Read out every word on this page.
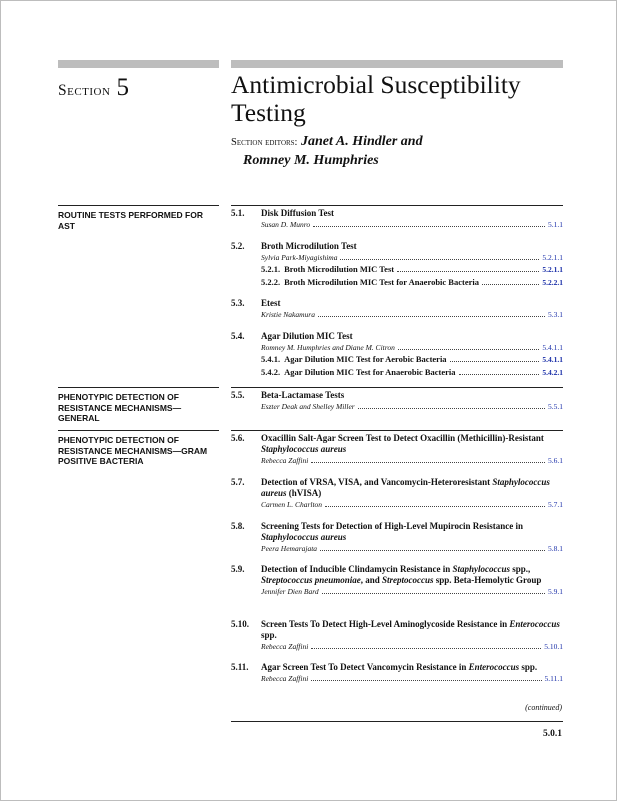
Section 5	Antimicrobial Susceptibility Testing
Section editors: Janet A. Hindler and
Romney M. Humphries
ROUTINE TESTS PERFORMED FOR AST
PHENOTYPIC DETECTION OF RESISTANCE MECHANISMS—GENERAL
PHENOTYPIC DETECTION OF RESISTANCE MECHANISMS—GRAM POSITIVE BACTERIA
5.1.	Disk Diffusion Test
Susan D. Munro	5.1.1
5.2.	Broth Microdilution Test
Sylvia Park-Miyagishima	5.2.1.1
5.2.1. Broth Microdilution MIC Test	5.2.1.1
5.2.2. Broth Microdilution MIC Test for Anaerobic Bacteria	5.2.2.1
5.3.	Etest
Kristie Nakamura	5.3.1
5.4.	Agar Dilution MIC Test
Romney M. Humphries and Diane M. Citron	5.4.1.1
5.4.1. Agar Dilution MIC Test for Aerobic Bacteria	5.4.1.1
5.4.2. Agar Dilution MIC Test for Anaerobic Bacteria	5.4.2.1
5.5.	Beta-Lactamase Tests
Eszter Deak and Shelley Miller	5.5.1
5.6.	Oxacillin Salt-Agar Screen Test to Detect Oxacillin (Methicillin)-Resistant Staphylococcus aureus
Rebecca Zaffini	5.6.1
5.7.	Detection of VRSA, VISA, and Vancomycin-Heteroresistant Staphylococcus aureus (hVISA)
Carmen L. Charlton	5.7.1
5.8.	Screening Tests for Detection of High-Level Mupirocin Resistance in Staphylococcus aureus
Peera Hemarajata	5.8.1
5.9.	Detection of Inducible Clindamycin Resistance in Staphylococcus spp., Streptococcus pneumoniae, and Streptococcus spp. Beta-Hemolytic Group
Jennifer Dien Bard	5.9.1
5.10.	Screen Tests To Detect High-Level Aminoglycoside Resistance in Enterococcus spp.
Rebecca Zaffini	5.10.1
5.11.	Agar Screen Test To Detect Vancomycin Resistance in Enterococcus spp.
Rebecca Zaffini	5.11.1
(continued)
5.0.1
